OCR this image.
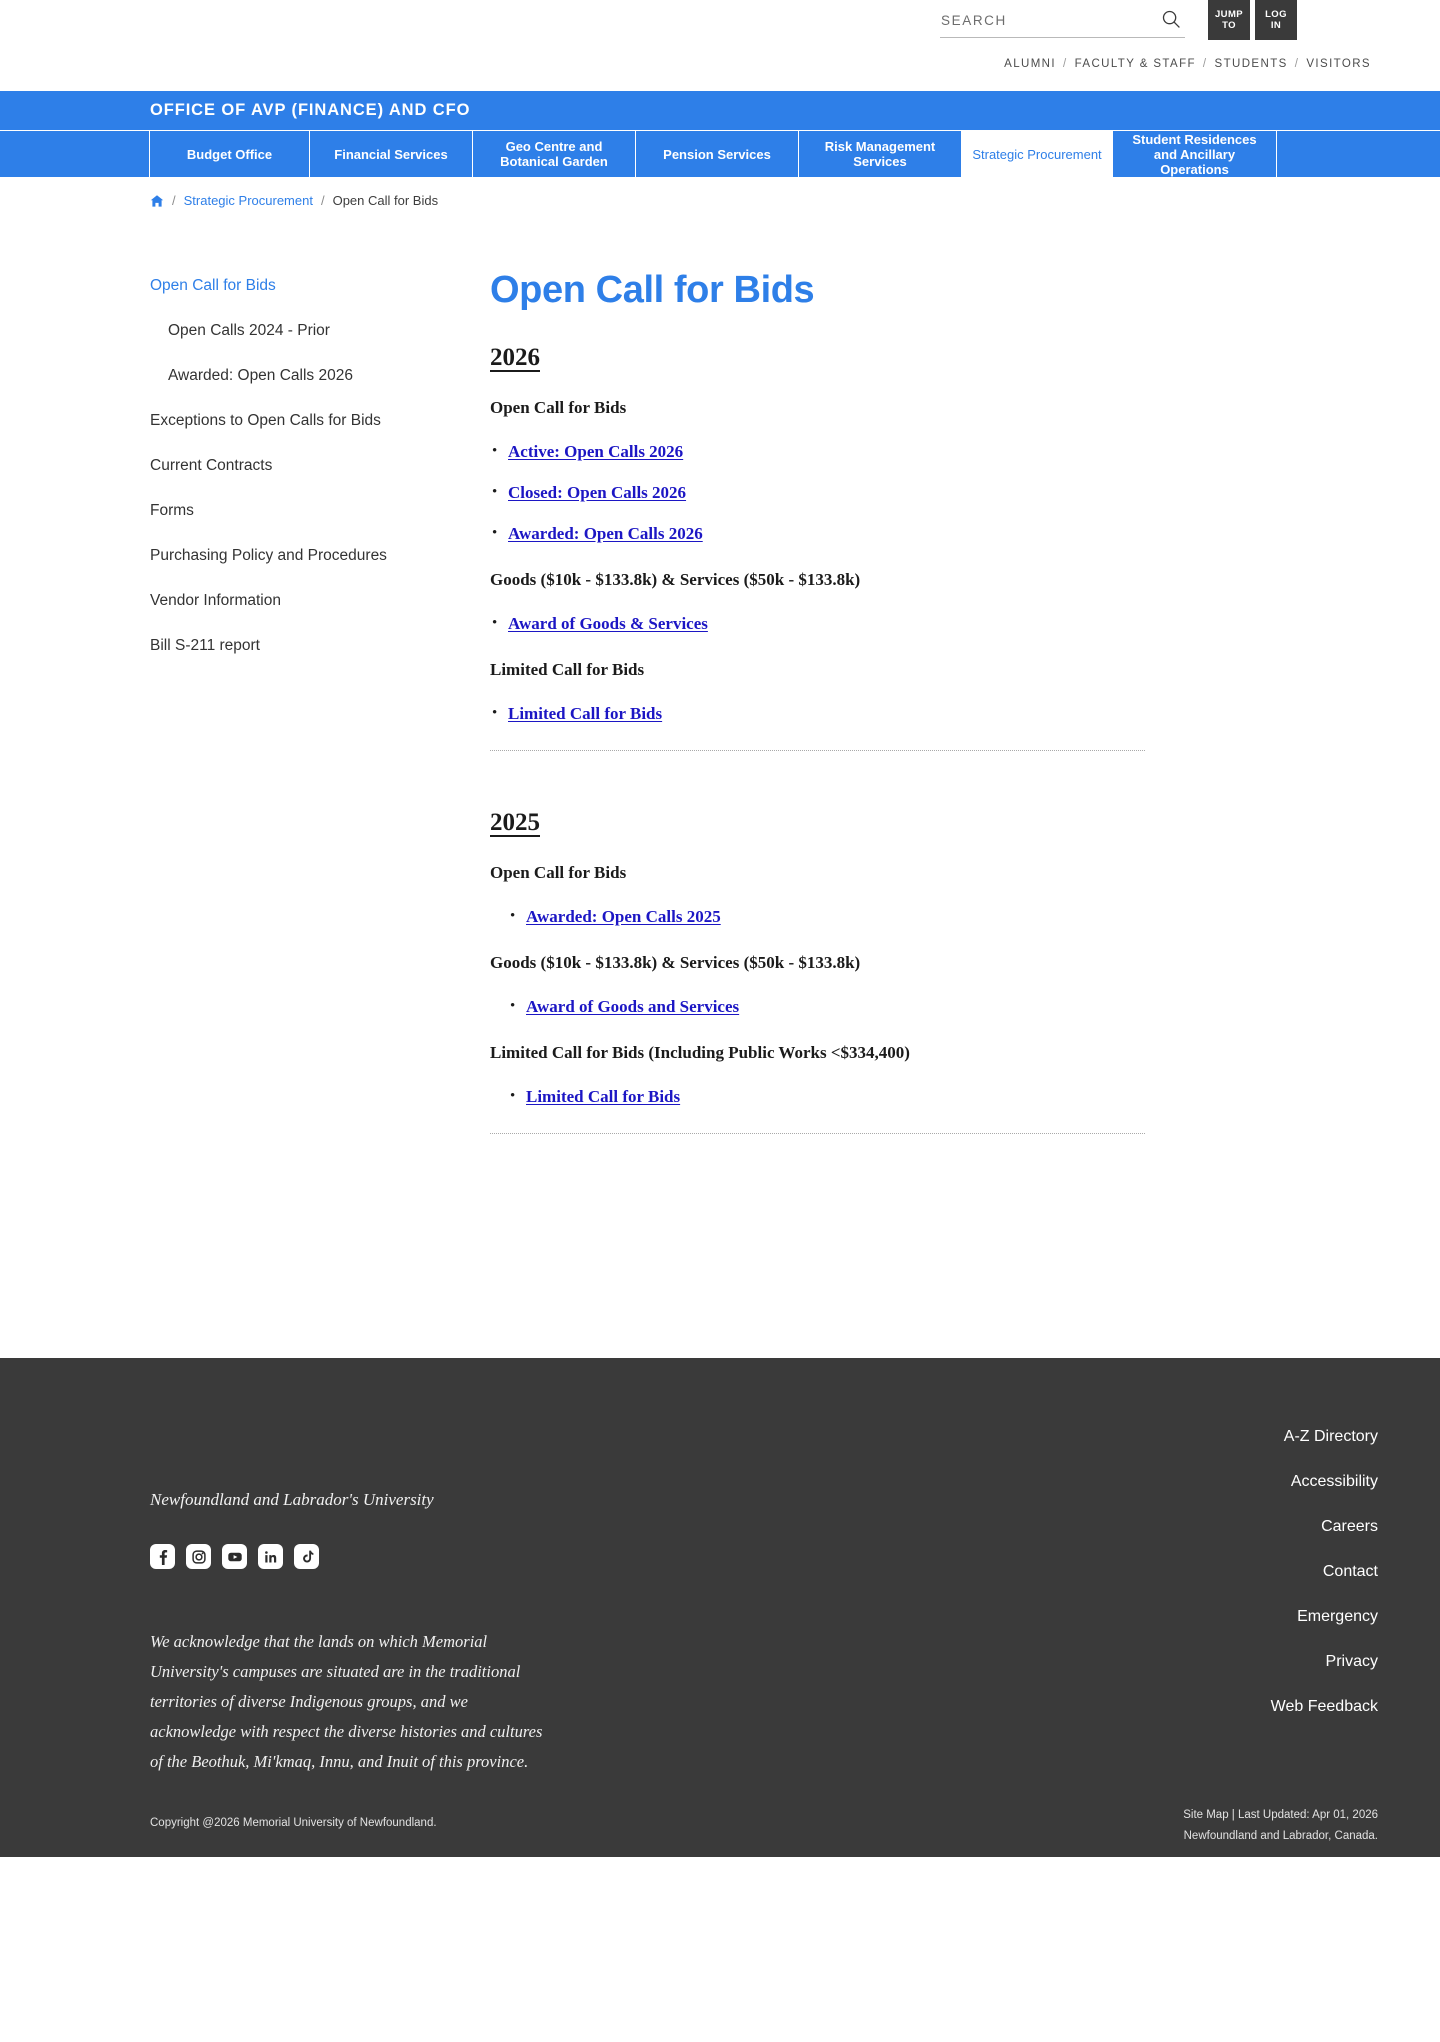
SEARCH
JUMP
TO
LOG
IN
ALUMNI / FACULTY & STAFF / STUDENTS / VISITORS
OFFICE OF AVP (FINANCE) AND CFO
Budget Office	Financial Services	Geo Centre and Botanical Garden	Pension Services	Risk Management Services	Strategic Procurement
Student Residences and Ancillary Operations
/ Strategic Procurement / Open Call for Bids
Open Call for Bids
Open Calls 2024 - Prior
Awarded: Open Calls 2026
Exceptions to Open Calls for Bids
Current Contracts
Forms
Purchasing Policy and Procedures
Vendor Information
Bill S-211 report
Open Call for Bids
2026
Open Call for Bids
• Active: Open Calls 2026
• Closed: Open Calls 2026
• Awarded: Open Calls 2026
Goods ($10k - $133.8k) & Services ($50k - $133.8k)
• Award of Goods & Services
Limited Call for Bids
• Limited Call for Bids
2025
Open Call for Bids
• Awarded: Open Calls 2025
Goods ($10k - $133.8k) & Services ($50k - $133.8k)
• Award of Goods and Services
Limited Call for Bids (Including Public Works <$334,400)
• Limited Call for Bids
Newfoundland and Labrador's University
We acknowledge that the lands on which Memorial University's campuses are situated are in the traditional territories of diverse Indigenous groups, and we acknowledge with respect the diverse histories and cultures of the Beothuk, Mi'kmaq, Innu, and Inuit of this province.
A-Z Directory
Accessibility
Careers
Contact
Emergency
Privacy
Web Feedback
Site Map | Last Updated: Apr 01, 2026
Newfoundland and Labrador, Canada.
Copyright @2026 Memorial University of Newfoundland.
